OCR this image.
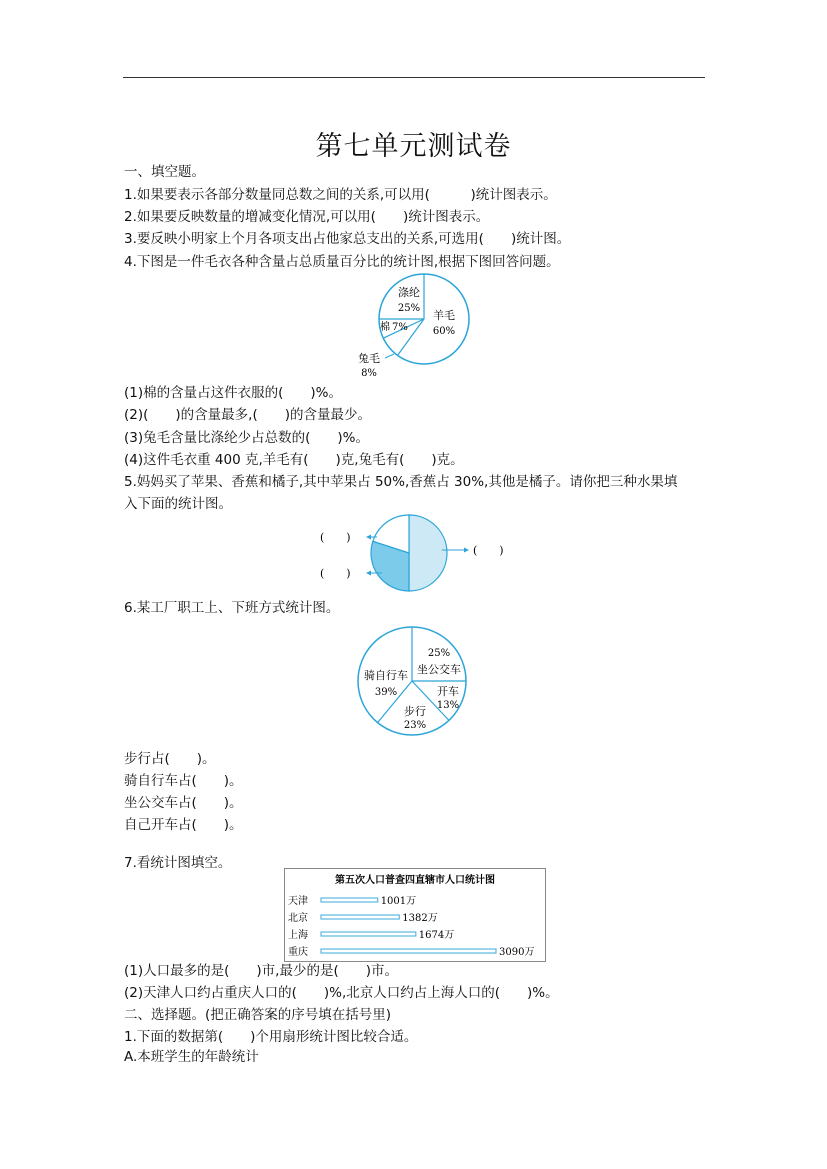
第七单元测试卷
一、填空题。
1.如果要表示各部分数量同总数之间的关系,可以用(　　　)统计图表示。
2.如果要反映数量的增减变化情况,可以用(　　)统计图表示。
3.要反映小明家上个月各项支出占他家总支出的关系,可选用(　　)统计图。
4.下图是一件毛衣各种含量占总质量百分比的统计图,根据下图回答问题。
涤纶
25%
羊毛
60%
棉 7%
兔毛
8%
(1)棉的含量占这件衣服的(　　)%。
(2)(　　)的含量最多,(　　)的含量最少。
(3)兔毛含量比涤纶少占总数的(　　)%。
(4)这件毛衣重 400 克,羊毛有(　　)克,兔毛有(　　)克。
5.妈妈买了苹果、香蕉和橘子,其中苹果占 50%,香蕉占 30%,其他是橘子。请你把三种水果填
入下面的统计图。
(　　)
(　　)
(　　)
6.某工厂职工上、下班方式统计图。
25%
坐公交车
开车
13%
步行
23%
骑自行车
39%
步行占(　　)。
骑自行车占(　　)。
坐公交车占(　　)。
自己开车占(　　)。
7.看统计图填空。
第五次人口普查四直辖市人口统计图
天津	1001万
北京	1382万
上海	1674万
重庆	3090万
(1)人口最多的是(　　)市,最少的是(　　)市。
(2)天津人口约占重庆人口的(　　)%,北京人口约占上海人口的(　　)%。
二、选择题。(把正确答案的序号填在括号里)
1.下面的数据第(　　)个用扇形统计图比较合适。
A.本班学生的年龄统计
